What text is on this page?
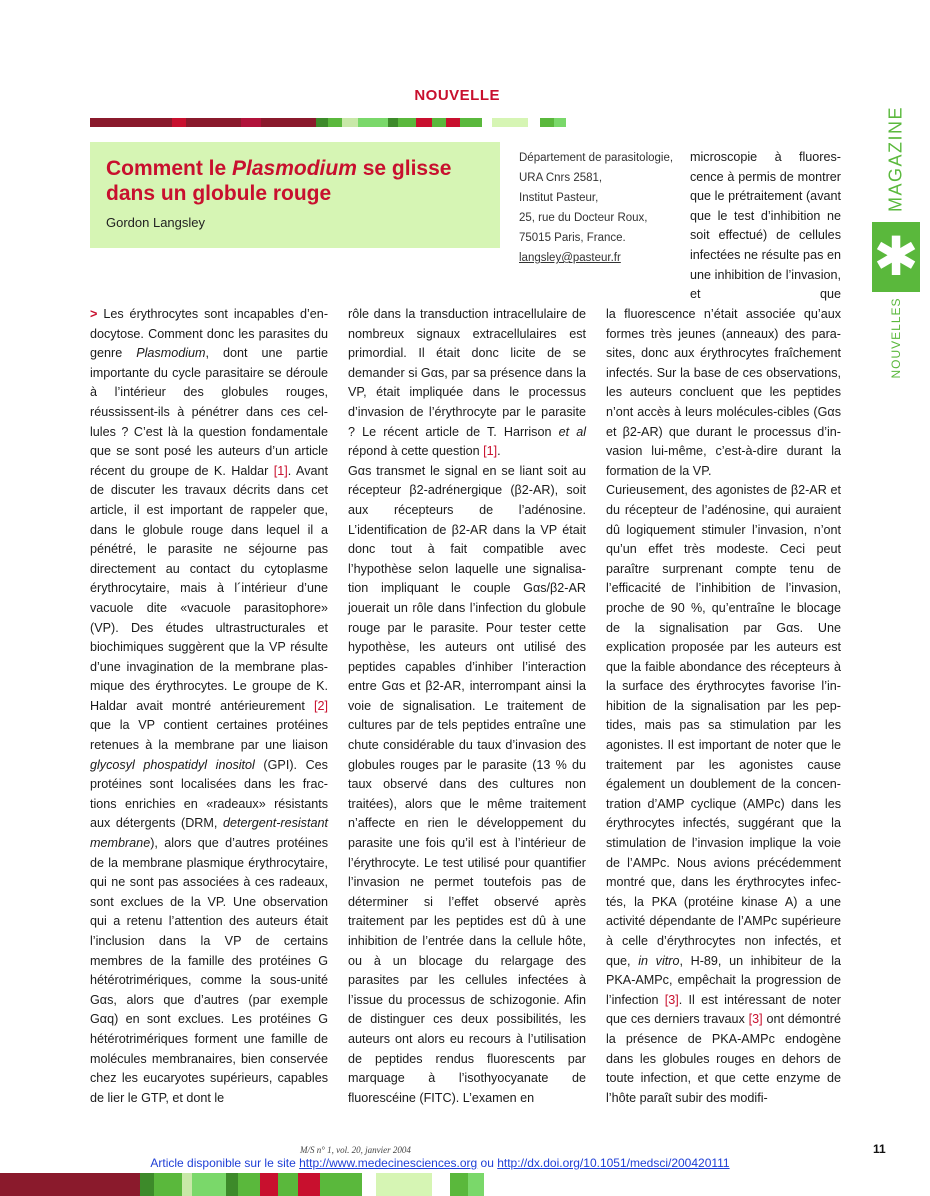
NOUVELLE
Comment le Plasmodium se glisse dans un globule rouge
Gordon Langsley
Département de parasitologie,
URA Cnrs 2581,
Institut Pasteur,
25, rue du Docteur Roux,
75015 Paris, France.
langsley@pasteur.fr

microscopie à fluorescence à permis de montrer que le prétraitement (avant que le test d’inhibition ne soit effectué) de cellules infectées ne résulte pas en une inhibition de l’invasion, et que

> Les érythrocytes sont incapables d’endocytose. Comment donc les parasites du genre Plasmodium, dont une partie importante du cycle parasitaire se déroule à l’intérieur des globules rouges, réussissent-ils à pénétrer dans ces cellules ? C’est là la question fondamentale que se sont posé les auteurs d’un article récent du groupe de K. Haldar [1]. Avant de discuter les travaux décrits dans cet article, il est important de rappeler que, dans le globule rouge dans lequel il a pénétré, le parasite ne séjourne pas directement au contact du cytoplasme érythrocytaire, mais à l´intérieur d’une vacuole dite «vacuole parasitophore» (VP). Des études ultrastructurales et biochimiques suggèrent que la VP résulte d’une invagination de la membrane plasmique des érythrocytes. Le groupe de K. Haldar avait montré antérieurement [2] que la VP contient certaines protéines retenues à la membrane par une liaison glycosyl phospatidyl inositol (GPI). Ces protéines sont localisées dans les fractions enrichies en «radeaux» résistants aux détergents (DRM, detergent-resistant membrane), alors que d’autres protéines de la membrane plasmique érythrocytaire, qui ne sont pas associées à ces radeaux, sont exclues de la VP. Une observation qui a retenu l’attention des auteurs était l’inclusion dans la VP de certains membres de la famille des protéines G hétérotrimériques, comme la sous-unité Gαs, alors que d’autres (par exemple Gαq) en sont exclues. Les protéines G hétérotrimériques forment une famille de molécules membranaires, bien conservée chez les eucaryotes supérieurs, capables de lier le GTP, et dont le

rôle dans la transduction intracellulaire de nombreux signaux extracellulaires est primordial. Il était donc licite de se demander si Gαs, par sa présence dans la VP, était impliquée dans le processus d’invasion de l’érythrocyte par le parasite ? Le récent article de T. Harrison et al répond à cette question [1].

Gαs transmet le signal en se liant soit au récepteur β2-adrénergique (β2-AR), soit aux récepteurs de l’adénosine. L’identification de β2-AR dans la VP était donc tout à fait compatible avec l’hypothèse selon laquelle une signalisation impliquant le couple Gαs/β2-AR jouerait un rôle dans l’infection du globule rouge par le parasite. Pour tester cette hypothèse, les auteurs ont utilisé des peptides capables d’inhiber l’interaction entre Gαs et β2-AR, interrompant ainsi la voie de signalisation. Le traitement de cultures par de tels peptides entraîne une chute considérable du taux d’invasion des globules rouges par le parasite (13 % du taux observé dans des cultures non traitées), alors que le même traitement n’affecte en rien le développement du parasite une fois qu’il est à l’intérieur de l’érythrocyte. Le test utilisé pour quantifier l’invasion ne permet toutefois pas de déterminer si l’effet observé après traitement par les peptides est dû à une inhibition de l’entrée dans la cellule hôte, ou à un blocage du relargage des parasites par les cellules infectées à l’issue du processus de schizogonie. Afin de distinguer ces deux possibilités, les auteurs ont alors eu recours à l’utilisation de peptides rendus fluorescents par marquage à l’isothyocyanate de fluorescéine (FITC). L’examen en

la fluorescence n’était associée qu’aux formes très jeunes (anneaux) des parasites, donc aux érythrocytes fraîchement infectés. Sur la base de ces observations, les auteurs concluent que les peptides n’ont accès à leurs molécules-cibles (Gαs et β2-AR) que durant le processus d’invasion lui-même, c’est-à-dire durant la formation de la VP.

Curieusement, des agonistes de β2-AR et du récepteur de l’adénosine, qui auraient dû logiquement stimuler l’invasion, n’ont qu’un effet très modeste. Ceci peut paraître surprenant compte tenu de l’efficacité de l’inhibition de l’invasion, proche de 90 %, qu’entraîne le blocage de la signalisation par Gαs. Une explication proposée par les auteurs est que la faible abondance des récepteurs à la surface des érythrocytes favorise l’inhibition de la signalisation par les peptides, mais pas sa stimulation par les agonistes. Il est important de noter que le traitement par les agonistes cause également un doublement de la concentration d’AMP cyclique (AMPc) dans les érythrocytes infectés, suggérant que la stimulation de l’invasion implique la voie de l’AMPc. Nous avions précédemment montré que, dans les érythrocytes infectés, la PKA (protéine kinase A) a une activité dépendante de l’AMPc supérieure à celle d’érythrocytes non infectés, et que, in vitro, H-89, un inhibiteur de la PKA-AMPc, empêchait la progression de l’infection [3]. Il est intéressant de noter que ces derniers travaux [3] ont démontré la présence de PKA-AMPc endogène dans les globules rouges en dehors de toute infection, et que cette enzyme de l’hôte paraît subir des modifi-

MAGAZINE
✱
NOUVELLES
M/S n° 1, vol. 20, janvier 2004	11
Article disponible sur le site http://www.medecinesciences.org ou http://dx.doi.org/10.1051/medsci/200420111
